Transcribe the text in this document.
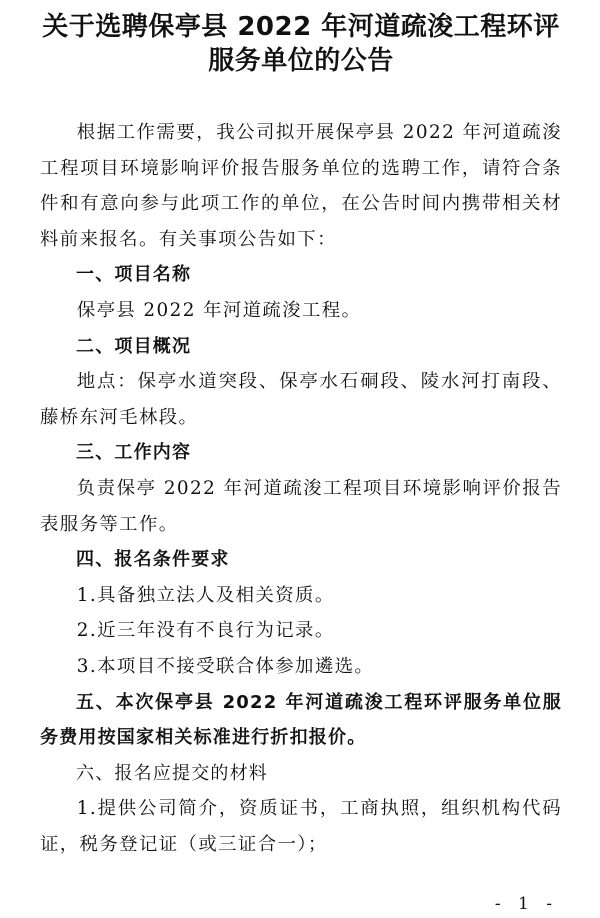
关于选聘保亭县 2022 年河道疏浚工程环评
服务单位的公告

根据工作需要，我公司拟开展保亭县 2022 年河道疏浚工程项目环境影响评价报告服务单位的选聘工作，请符合条件和有意向参与此项工作的单位，在公告时间内携带相关材料前来报名。有关事项公告如下：

一、项目名称

保亭县 2022 年河道疏浚工程。

二、项目概况

地点：保亭水道突段、保亭水石硐段、陵水河打南段、藤桥东河毛林段。

三、工作内容

负责保亭 2022 年河道疏浚工程项目环境影响评价报告表服务等工作。

四、报名条件要求

1.具备独立法人及相关资质。

2.近三年没有不良行为记录。

3.本项目不接受联合体参加遴选。

五、本次保亭县 2022 年河道疏浚工程环评服务单位服务费用按国家相关标准进行折扣报价。

六、报名应提交的材料

1.提供公司简介，资质证书，工商执照，组织机构代码证，税务登记证（或三证合一）；

- 1 -
